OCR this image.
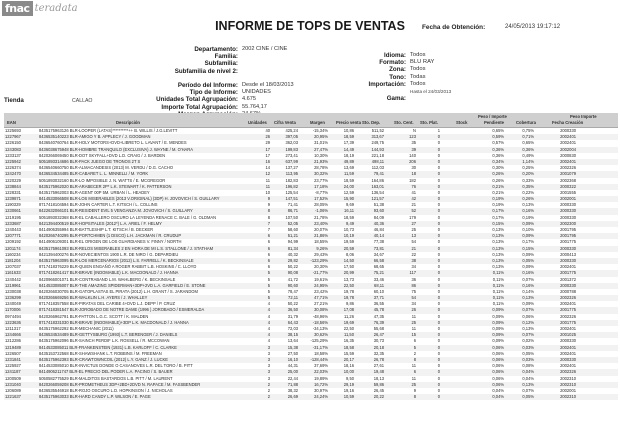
fnac teradata
INFORME DE TOPS DE VENTAS	Fecha de Obtención:	24/05/2013 19:17:12
Departamento: 2002 CINE / CINE
Familia:
Subfamilia:
Subfamilia de nivel 2:
Período del Informe: Desde el 18/03/2013
Tipo de Informe: UNIDADES
Unidades Total Agrupación: 4.675
Importe Total Agrupación: 55.764,17
Idioma: Todos
Formato: BLU RAY
Zona: Todos
Tono: Todas
Importación: Todos
Hasta el 24/03/2013
Gama:
Tienda	CALLAO
Peso / Importe	Peso Importe
EAN	Descripción	Unidades Cifra Venta	Margen	Precio venta Sto. Dep.	Sto. Cent. Sto. Plat.	Stock	Pendiente	Cobertura	Fecha Creación
1225693	8435175963126 BLR-LOOPER (LATAS)**********++ B. WILLIS / J.G.LEVITT	40	425,24	-15,34%	10,86	511,52	N	1	0,65%	0,75%	2000330
1227967	8436535140223 BLR-AMIGO Y B. APPLECY / J. GOODMAN	26	397,05	20,95%	18,59	313,67	123	0	0,59%	0,71%	2002401
1226150	8436540760764 BLR-HOLY MOTORS+DVD+LIBRETO L. LAVANT / E. MENDES	29	362,03	31,01%	17,39	249,75	35	0	0,57%	0,65%	2002401
1243083	8436038675948 BLR-HOMBRE TRANQUILO (EXCLUSIVA) J. WAYNE / M. O'HARA	17	199,83	27,47%	14,49	144,93	39	0	0,36%	0,36%	2002004
1233137	8420266069450 BLR-DOT SKYFALL+DVD L.D. CRAIG / J. BARDEN	17	273,41	10,30%	18,19	221,18	140	0	0,36%	0,49%	2000830
1225942	5051893314686 BLR-PACK JUEGO DE TRONOS 2T S	16	637,99	21,93%	49,89	498,11	206	0	0,34%	1,14%	2002401
1226374	8436540660750 BLR-ALMACANDESIS (2013) M. VERDU / D.G. CACHO	14	137,27	28,78%	13,69	112,03	30	0	0,30%	0,25%	2002326
1242470	8436534534485 BLR-CABARET L. L. MINNELLI / M. YORK	12	113,95	30,32%	11,59	79,41	18	0	0,26%	0,20%	2001079
1220229	5051893032160 BLR-LO IMPOSIBLE J. N. WATTS / E. MCGREGOR	11	182,83	23,77%	18,59	164,86	182	0	0,26%	0,33%	2002368
1238844	8435175962020 BLR-ARABECER 2P* L.K. STEWART / K. PATTERSON	11	196,82	17,18%	24,00	163,01	76	0	0,21%	0,35%	2000322
1228331	8435175962003 BLR-AGENT 00P 5M. URBAN / L. HEADEY	10	125,54	-8,77%	12,59	136,54	41	0	0,21%	0,22%	2001555
1239871	8414533066508 BLR-LOS MISERABLES (2013 V.ORIGINAL) (3DP) H. JOVOVICH / S. GUILLARY	9	147,51	17,52%	15,90	121,57	42	0	0,19%	0,26%	2002001
1190329	8717418104594 BLR-JOHN CARTER L.T. KITSCH / L. COLLINS	9	71,41	28,05%	9,69	51,38	21	0	0,19%	0,13%	2000330
1230661	8422632066101 BLR-RESIDENT EVIL 5 VENGANZA M. JOVOVICH / S. GUILLARY	8	86,71	-1,06%	16,11	93,60	52	0	0,17%	0,16%	2000330
1219195	5051893032368 BLR-EL CABALLERO OSCURO LA LEYENDA RENACE C. BALE / G. OLDMAN	8	107,50	21,78%	18,59	84,09	179	0	0,17%	0,19%	2000330
1233687	8421394400519 BLR-HOPSITALES (2012*) L.A. ARIEL / F. HELMY	7	52,05	23,40%	9,49	40,36	27	0	0,15%	0,09%	2002300
1240443	8414906355994 BLR-BATTLESHIP L.T. KITSCH / B. DECKER	7	58,60	20,07%	10,73	46,84	25	0	0,13%	0,10%	2001795
1207771	8420266740295 BLR-PORTCHMEN (1 DISCO) L.H. JACKMAN / R. CRUDUP	6	51,21	21,86%	10,19	40,14	13	0	0,13%	0,09%	2001795
1209192	8414906109301 BLR-EL ORIGEN DE LOS GUARDIANES V. FINNY / NORTH	6	94,99	18,55%	19,59	77,38	54	0	0,13%	0,17%	2001775
1201174	8435175961093 BLR-RELOS MISERABLES 2 EN HORA DE MI L.S. STALLONE / J. STATHAM	6	81,34	9,26%	20,59	73,81	21	0	0,13%	0,15%	2000330
1160234	8421394400276 BLR-NOVECIENTOS 1900 L.R. DE NIRO / G. DEPARDIEU	6	40,32	29,43%	8,06	34,67	22	0	0,13%	0,09%	2000413
1181204	8435175963095 BLR-LOS MERCENARIOS (2012) L.S. FARRELL / K. BECKINSALE	6	29,82	-123,29%	14,50	66,58	38	0	0,13%	0,05%	2000330
1207037	8717418376229 BLR-QUIEN ENGAÑÓ A ROGER RABBIT L.B. HOSKINS / C. LLOYD	6	50,22	20,30%	17,50	68,65	34	0	0,13%	0,09%	2002401
1161633	8717418261417 BLR-BRAVE (INDOMABLE) L.K. MACDONALD / J. HANNA	5	90,08	-21,77%	20,99	75,21	117	0	0,11%	0,16%	2001775
1240442	8420966001071 BLR-CONTRABAND L.M. WAHLBERG / K. BECKINSALE	5	41,72	19,61%	13,73	33,46	36	0	0,11%	0,07%	2001372
1219961	8414533085007 BLR-THE AMAZING SPIDERMAN+3DP+2VD L.A. GARFIELD / E. STONE	5	90,60	24,95%	22,50	68,11	86	0	0,11%	0,16%	2000330
1230038	8420266030705 BLR-GATOPLASTAS EL PIRATA (2012) L.H. GRANT / S. JARANDOM	5	78,47	23,42%	19,78	60,10	75	0	0,11%	0,14%	2000788
1236299	8420266669256 BLR-WALKLIN L.H. AYERS / J. WHALLEY	5	72,11	47,71%	19,78	37,71	54	0	0,11%	0,13%	2002326
1240049	8717418357558 BLR-PIRATAS DEL CARIBE 4+DVD L.J. DEPP / P. CRUZ	4	50,22	27,21%	9,86	36,55	34	0	0,11%	0,09%	2002401
1170006	8717418381547 BLR-JOROBADO DE NOTRE DAME (1996 ) JOROBADO / ESMERALDA	4	36,50	30,08%	17,08	45,78	26	0	0,09%	0,07%	2001775
0974494	8420266962791 BLR-PATTON L.G.C. SCOTT / K. MALDEN	4	31,79	-48,96%	11,26	47,35	11	0	0,09%	0,06%	2002326
1223636	8717418331030 BLR-BRAVE (INDOMABLE)+3DP L.K. MACDONALD / J. HANNA	4	64,43	-18,56%	19,69	76,39	25	0	0,09%	0,12%	2001775
1211317	8435175962292 BLR-MECHANIC (2011)	4	72,03	-34,13%	22,50	55,68	11	0	0,09%	0,13%	2002401
1244666	8436534534489 BLR-GETTYSBURG (1993) L.T. BERENGER / J. DANIELS	4	38,15	30,62%	11,50	26,47	15	0	0,09%	0,07%	2001025
1212286	8435175962096 BLR-SAINCH PERDIF L.K. ROSSELL / R. MCCOWAN	4	13,64	-125,29%	16,35	30,73	6	0	0,09%	0,02%	2000330
1219489	8414533085011 BLR-FRANKENSTEIN (1931) L.B. KARLOFF / C. CLARKE	3	15,38	-31,17%	18,58	20,18	5	0	0,06%	0,03%	2002401
1226507	8435153722568 BLR-SHAWSHANK L.T. ROBBINS / M. FREEMAN	3	27,50	18,58%	15,59	32,35	2	0	0,06%	0,05%	2002401
1231841	8435175962393 BLR-CRAWTOWNCOIL (2012) L.Y. GANZ / J. LUCKE	3	16,10	-128,44%	20,17	26,78	8	0	0,06%	0,03%	2000330
1225927	8414533085010 BLR-INVICTUS DONDE O CASANOVES L.R. DEL TORO / B. PITT	3	44,31	37,69%	18,16	27,61	11	0	0,06%	0,08%	2002401
1241187	8414906211747 BLR-EL PRECIO DEL PODER L.A. PACINO / S. BAUER	3	25,00	22,03%	10,00	19,48	6	0	0,06%	0,04%	2002326
1200509	5050582775529 BLR-MALDITOS BASTARDOS L.B. PITT / M. LAURENT	3	22,44	19,89%	9,50	18,13	11	0	0,06%	0,04%	2002310
1231040	8420266059208 BLR-PROMETHEUS 3DP+2BD+2DVD N. RAPACE / M. FASSBENDER	2	71,88	16,72%	29,19	59,86	25	0	0,06%	0,13%	2002310
1206089	8436535546918 BLR-ROJO OSCURO L.D. HOPKINSON / J. NICHOLAS	2	38,32	30,97%	19,16	26,45	9	0	0,04%	0,07%	2002001
1221637	8435175963033 BLR-HARD CANDY L.P. WILSON / E. PAGE	2	26,69	24,24%	10,59	20,22	8	0	0,04%	0,05%	2002310
